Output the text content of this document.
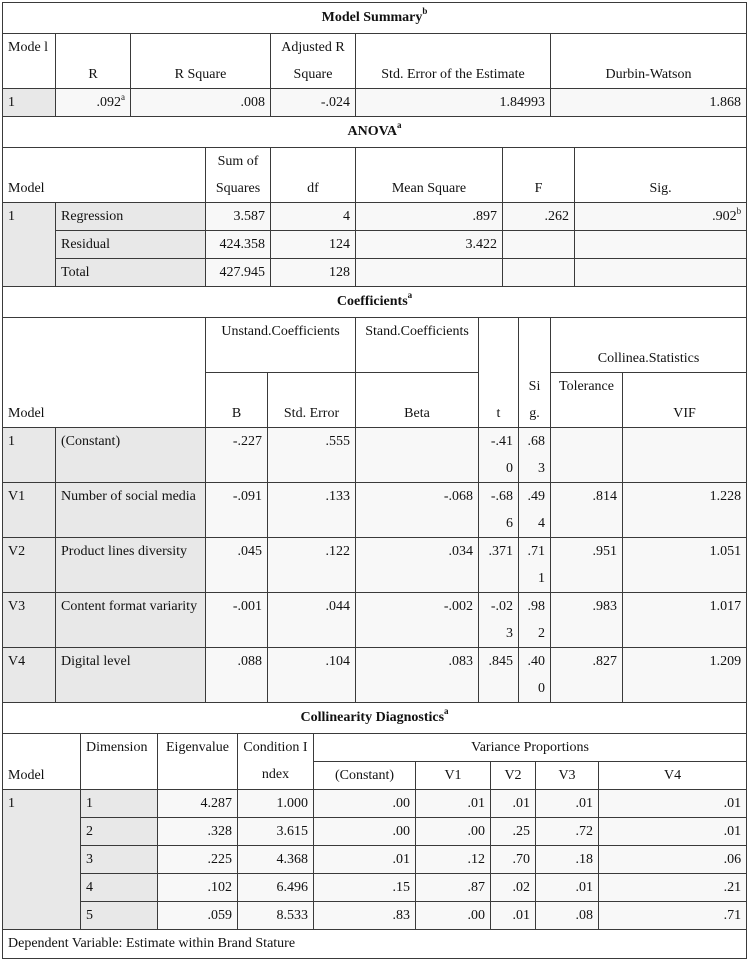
Model Summary$^b$
Mode l	R	R Square	Adjusted R Square	Std. Error of the Estimate	Durbin-Watson
1	.092$^a$	.008	-.024	1.84993	1.868
ANOVA$^a$
Model		Sum of Squares	df	Mean Square	F	Sig.
1	Regression	3.587	4	.897	.262	.902$^b$
	Residual	424.358	124	3.422		
	Total	427.945	128			
Coefficients$^a$
Model		Unstand.Coefficients		Stand.Coefficients	t	Sig.	Collinea.Statistics	
		B	Std. Error	Beta			Tolerance	VIF
1	(Constant)	-.227	.555		-.410	.683		
V1	Number of social media	-.091	.133	-.068	-.686	.494	.814	1.228
V2	Product lines diversity	.045	.122	.034	.371	.711	.951	1.051
V3	Content format variarity	-.001	.044	-.002	-.023	.982	.983	1.017
V4	Digital level	.088	.104	.083	.845	.400	.827	1.209
Collinearity Diagnostics$^a$
Model	Dimension	Eigenvalue	Condition Index	Variance Proportions				
				(Constant)	V1	V2	V3	V4
1	1	4.287	1.000	.00	.01	.01	.01	.01
	2	.328	3.615	.00	.00	.25	.72	.01
	3	.225	4.368	.01	.12	.70	.18	.06
	4	.102	6.496	.15	.87	.02	.01	.21
	5	.059	8.533	.83	.00	.01	.08	.71
Dependent Variable: Estimate within Brand Stature								
